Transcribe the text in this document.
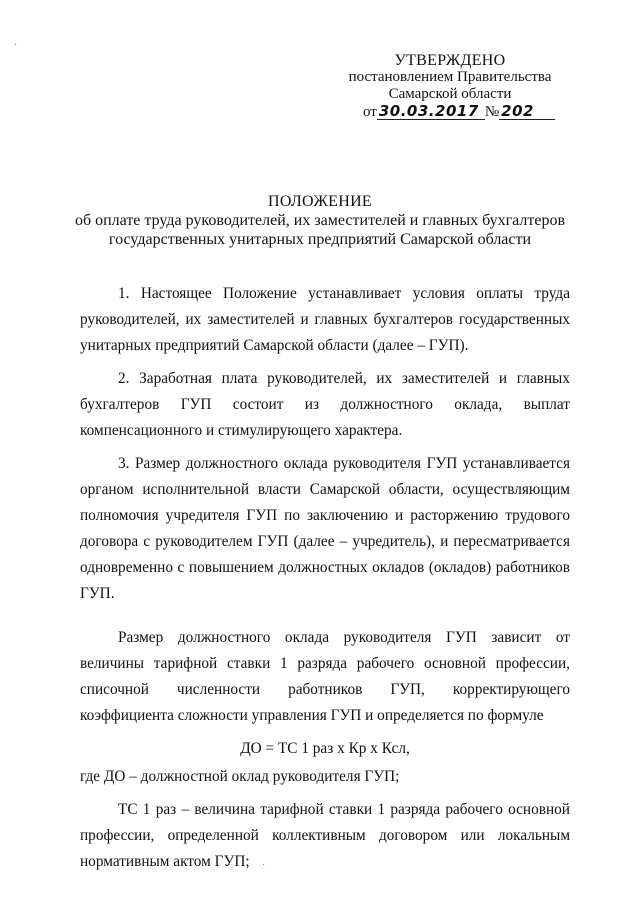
УТВЕРЖДЕНО
постановлением Правительства
Самарской области
от 30.03.2017 № 202
ПОЛОЖЕНИЕ
об оплате труда руководителей, их заместителей и главных бухгалтеров
государственных унитарных предприятий Самарской области

1. Настоящее Положение устанавливает условия оплаты труда руководителей, их заместителей и главных бухгалтеров государственных унитарных предприятий Самарской области (далее – ГУП).

2. Заработная плата руководителей, их заместителей и главных бухгалтеров ГУП состоит из должностного оклада, выплат компенсационного и стимулирующего характера.

3. Размер должностного оклада руководителя ГУП устанавливается органом исполнительной власти Самарской области, осуществляющим полномочия учредителя ГУП по заключению и расторжению трудового договора с руководителем ГУП (далее – учредитель), и пересматривается одновременно с повышением должностных окладов (окладов) работников ГУП.

Размер должностного оклада руководителя ГУП зависит от величины тарифной ставки 1 разряда рабочего основной профессии, списочной численности работников ГУП, корректирующего коэффициента сложности управления ГУП и определяется по формуле

ДО = ТС 1 раз х Кр х Ксл,

где ДО – должностной оклад руководителя ГУП;

ТС 1 раз – величина тарифной ставки 1 разряда рабочего основной профессии, определенной коллективным договором или локальным нормативным актом ГУП;

·
·
